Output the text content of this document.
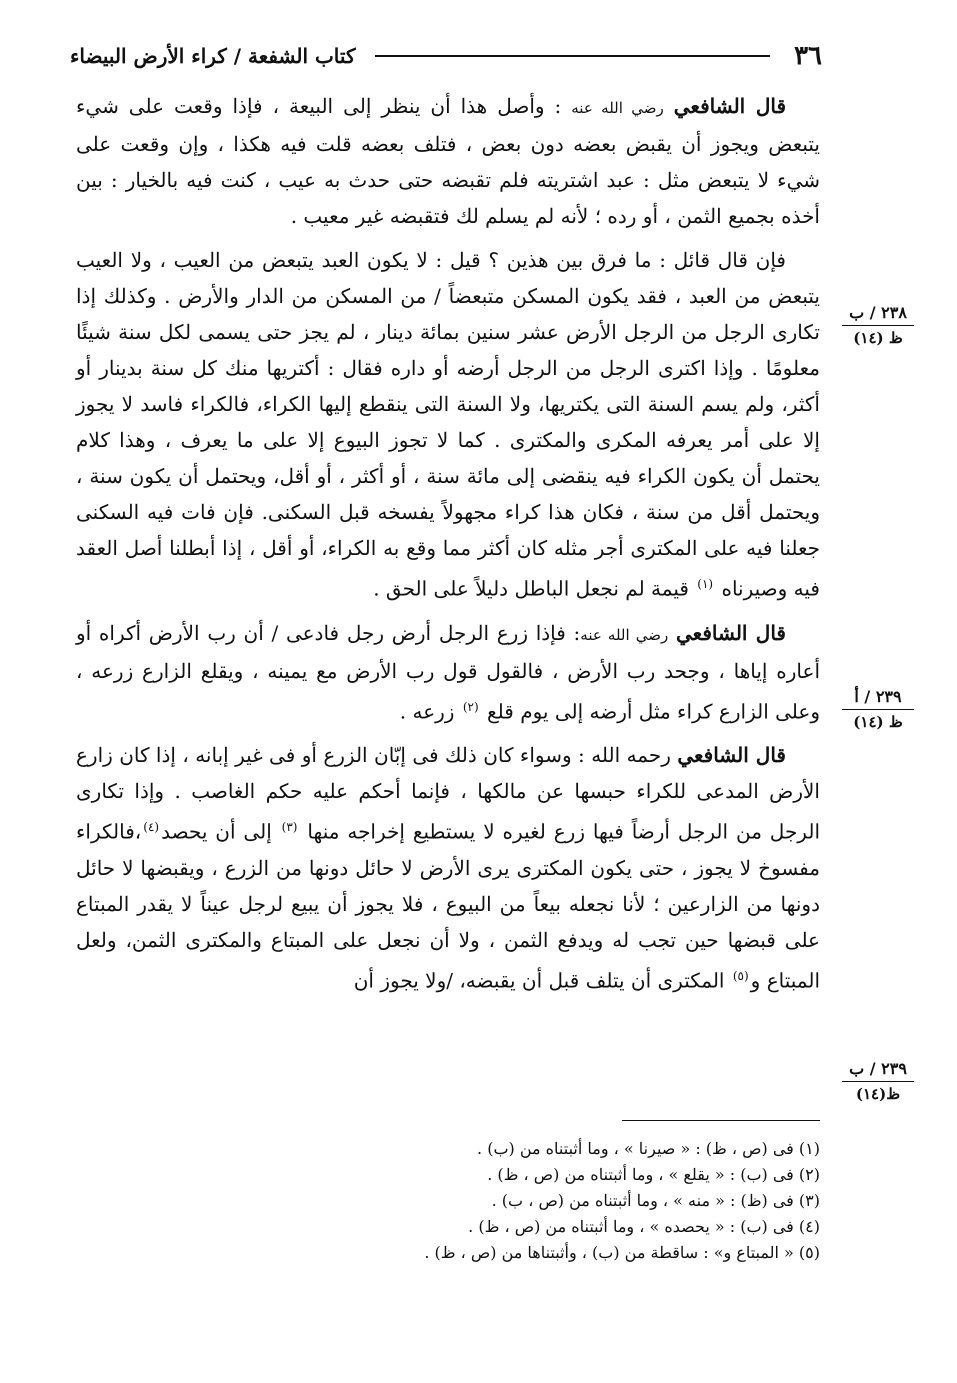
٣٦
كتاب الشفعة / كراء الأرض البيضاء

قال الشافعي رضي الله عنه : وأصل هذا أن ينظر إلى البيعة ، فإذا وقعت على شيء يتبعض ويجوز أن يقبض بعضه دون بعض ، فتلف بعضه قلت فيه هكذا ، وإن وقعت على شيء لا يتبعض مثل : عبد اشتريته فلم تقبضه حتى حدث به عيب ، كنت فيه بالخيار : بين أخذه بجميع الثمن ، أو رده ؛ لأنه لم يسلم لك فتقبضه غير معيب .

فإن قال قائل : ما فرق بين هذين ؟ قيل : لا يكون العبد يتبعض من العيب ، ولا العيب يتبعض من العبد ، فقد يكون المسكن متبعضاً / من المسكن من الدار والأرض . وكذلك إذا تكارى الرجل من الرجل الأرض عشر سنين بمائة دينار ، لم يجز حتى يسمى لكل سنة شيئًا معلومًا . وإذا اكترى الرجل من الرجل أرضه أو داره فقال : أكتريها منك كل سنة بدينار أو أكثر، ولم يسم السنة التى يكتريها، ولا السنة التى ينقطع إليها الكراء، فالكراء فاسد لا يجوز إلا على أمر يعرفه المكرى والمكترى . كما لا تجوز البيوع إلا على ما يعرف ، وهذا كلام يحتمل أن يكون الكراء فيه ينقضى إلى مائة سنة ، أو أكثر ، أو أقل، ويحتمل أن يكون سنة ، ويحتمل أقل من سنة ، فكان هذا كراء مجهولاً يفسخه قبل السكنى. فإن فات فيه السكنى جعلنا فيه على المكترى أجر مثله كان أكثر مما وقع به الكراء، أو أقل ، إذا أبطلنا أصل العقد فيه وصيرناه $^{(١)}$ قيمة لم نجعل الباطل دليلاً على الحق .

قال الشافعي رضي الله عنه: فإذا زرع الرجل أرض رجل فادعى / أن رب الأرض أكراه أو أعاره إياها ، وجحد رب الأرض ، فالقول قول رب الأرض مع يمينه ، ويقلع الزارع زرعه ، وعلى الزارع كراء مثل أرضه إلى يوم قلع $^{(٢)}$ زرعه .

قال الشافعي رحمه الله : وسواء كان ذلك فى إبّان الزرع أو فى غير إبانه ، إذا كان زارع الأرض المدعى للكراء حبسها عن مالكها ، فإنما أحكم عليه حكم الغاصب . وإذا تكارى الرجل من الرجل أرضاً فيها زرع لغيره لا يستطيع إخراجه منها $^{(٣)}$ إلى أن يحصد$^{(٤)}$،فالكراء مفسوخ لا يجوز ، حتى يكون المكترى يرى الأرض لا حائل دونها من الزرع ، ويقبضها لا حائل دونها من الزارعين ؛ لأنا نجعله بيعاً من البيوع ، فلا يجوز أن يبيع لرجل عيناً لا يقدر المبتاع على قبضها حين تجب له ويدفع الثمن ، ولا أن نجعل على المبتاع والمكترى الثمن، ولعل المبتاع و$^{(٥)}$ المكترى أن يتلف قبل أن يقبضه، /ولا يجوز أن

٢٣٨ / ب
ظ (١٤)
٢٣٩ / أ
ظ (١٤)
٢٣٩ / ب
ظ(١٤)

(١) فى (ص ، ظ) : « صيرنا » ، وما أثبتناه من (ب) .

(٢) فى (ب) : « يقلع » ، وما أثبتناه من (ص ، ظ) .

(٣) فى (ظ) : « منه » ، وما أثبتناه من (ص ، ب) .

(٤) فى (ب) : « يحصده » ، وما أثبتناه من (ص ، ظ) .

(٥) « المبتاع و» : ساقطة من (ب) ، وأثبتناها من (ص ، ظ) .
